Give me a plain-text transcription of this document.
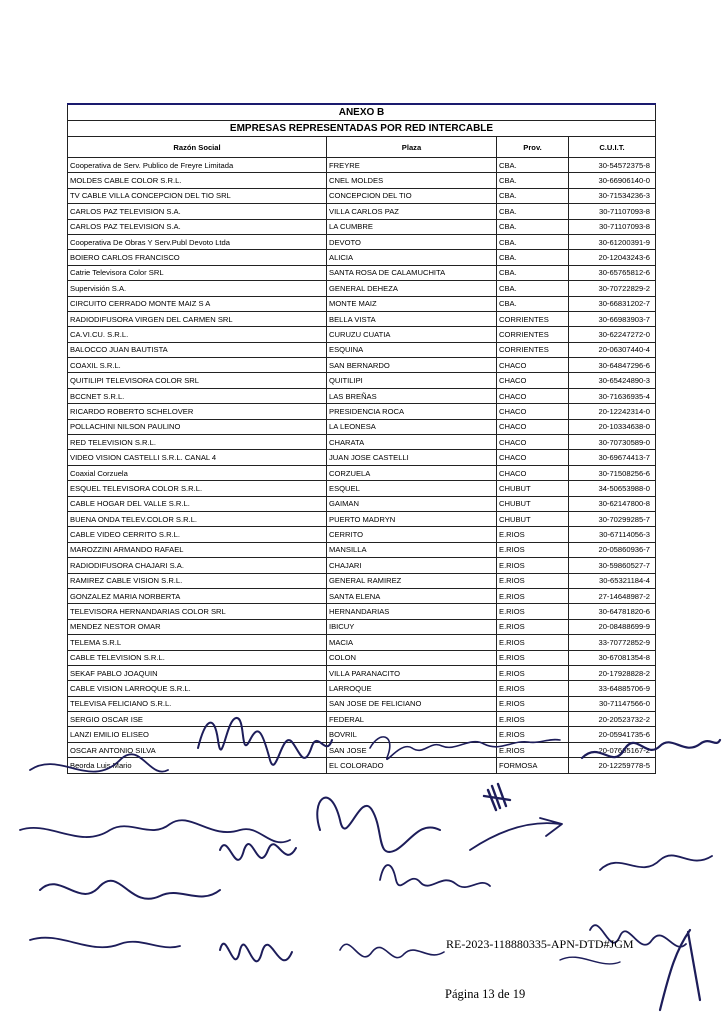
ANEXO B			
EMPRESAS REPRESENTADAS POR RED INTERCABLE			
Razón Social	Plaza	Prov.	C.U.I.T.
Cooperativa de Serv. Publico de Freyre Limitada	FREYRE	CBA.	30-54572375-8
MOLDES CABLE COLOR S.R.L.	CNEL MOLDES	CBA.	30-66906140-0
TV CABLE VILLA CONCEPCION DEL TIO SRL	CONCEPCION DEL TIO	CBA.	30-71534236-3
CARLOS PAZ TELEVISION S.A.	VILLA CARLOS PAZ	CBA.	30-71107093-8
CARLOS PAZ TELEVISION S.A.	LA CUMBRE	CBA.	30-71107093-8
Cooperativa De Obras Y Serv.Publ Devoto Ltda	DEVOTO	CBA.	30-61200391-9
BOIERO CARLOS FRANCISCO	ALICIA	CBA.	20-12043243-6
Catrie Televisora Color SRL	SANTA ROSA DE CALAMUCHITA	CBA.	30-65765812-6
Supervisión S.A.	GENERAL DEHEZA	CBA.	30-70722829-2
CIRCUITO CERRADO MONTE MAIZ S A	MONTE MAIZ	CBA.	30-66831202-7
RADIODIFUSORA VIRGEN DEL CARMEN SRL	BELLA VISTA	CORRIENTES	30-66983903-7
CA.VI.CU. S.R.L.	CURUZU CUATIA	CORRIENTES	30-62247272-0
BALOCCO JUAN BAUTISTA	ESQUINA	CORRIENTES	20-06307440-4
COAXIL S.R.L.	SAN BERNARDO	CHACO	30-64847296-6
QUITILIPI TELEVISORA COLOR SRL	QUITILIPI	CHACO	30-65424890-3
BCCNET S.R.L.	LAS BREÑAS	CHACO	30-71636935-4
RICARDO ROBERTO SCHELOVER	PRESIDENCIA ROCA	CHACO	20-12242314-0
POLLACHINI NILSON PAULINO	LA LEONESA	CHACO	20-10334638-0
RED TELEVISION S.R.L.	CHARATA	CHACO	30-70730589-0
VIDEO VISION CASTELLI S.R.L. CANAL 4	JUAN JOSE CASTELLI	CHACO	30-69674413-7
Coaxial Corzuela	CORZUELA	CHACO	30-71508256-6
ESQUEL TELEVISORA COLOR S.R.L.	ESQUEL	CHUBUT	34-50653988-0
CABLE HOGAR DEL VALLE S.R.L.	GAIMAN	CHUBUT	30-62147800-8
BUENA ONDA TELEV.COLOR S.R.L.	PUERTO MADRYN	CHUBUT	30-70299285-7
CABLE VIDEO CERRITO S.R.L.	CERRITO	E.RIOS	30-67114056-3
MAROZZINI ARMANDO RAFAEL	MANSILLA	E.RIOS	20-05860936-7
RADIODIFUSORA CHAJARI S.A.	CHAJARI	E.RIOS	30-59860527-7
RAMIREZ CABLE VISION S.R.L.	GENERAL RAMIREZ	E.RIOS	30-65321184-4
GONZALEZ MARIA NORBERTA	SANTA ELENA	E.RIOS	27-14648987-2
TELEVISORA HERNANDARIAS COLOR SRL	HERNANDARIAS	E.RIOS	30-64781820-6
MENDEZ NESTOR OMAR	IBICUY	E.RIOS	20-08488699-9
TELEMA S.R.L	MACIA	E.RIOS	33-70772852-9
CABLE TELEVISION S.R.L.	COLON	E.RIOS	30-67081354-8
SEKAF PABLO JOAQUIN	VILLA PARANACITO	E.RIOS	20-17928828-2
CABLE VISION LARROQUE S.R.L.	LARROQUE	E.RIOS	33-64885706-9
TELEVISA FELICIANO S.R.L.	SAN JOSE DE FELICIANO	E.RIOS	30-71147566-0
SERGIO OSCAR ISE	FEDERAL	E.RIOS	20-20523732-2
LANZI EMILIO ELISEO	BOVRIL	E.RIOS	20-05941735-6
OSCAR ANTONIO SILVA	SAN JOSE	E.RIOS	20-07665167-2
Beorda Luis Mario	EL COLORADO	FORMOSA	20-12259778-5
RE-2023-118880335-APN-DTD#JGM
Página 13 de 19
